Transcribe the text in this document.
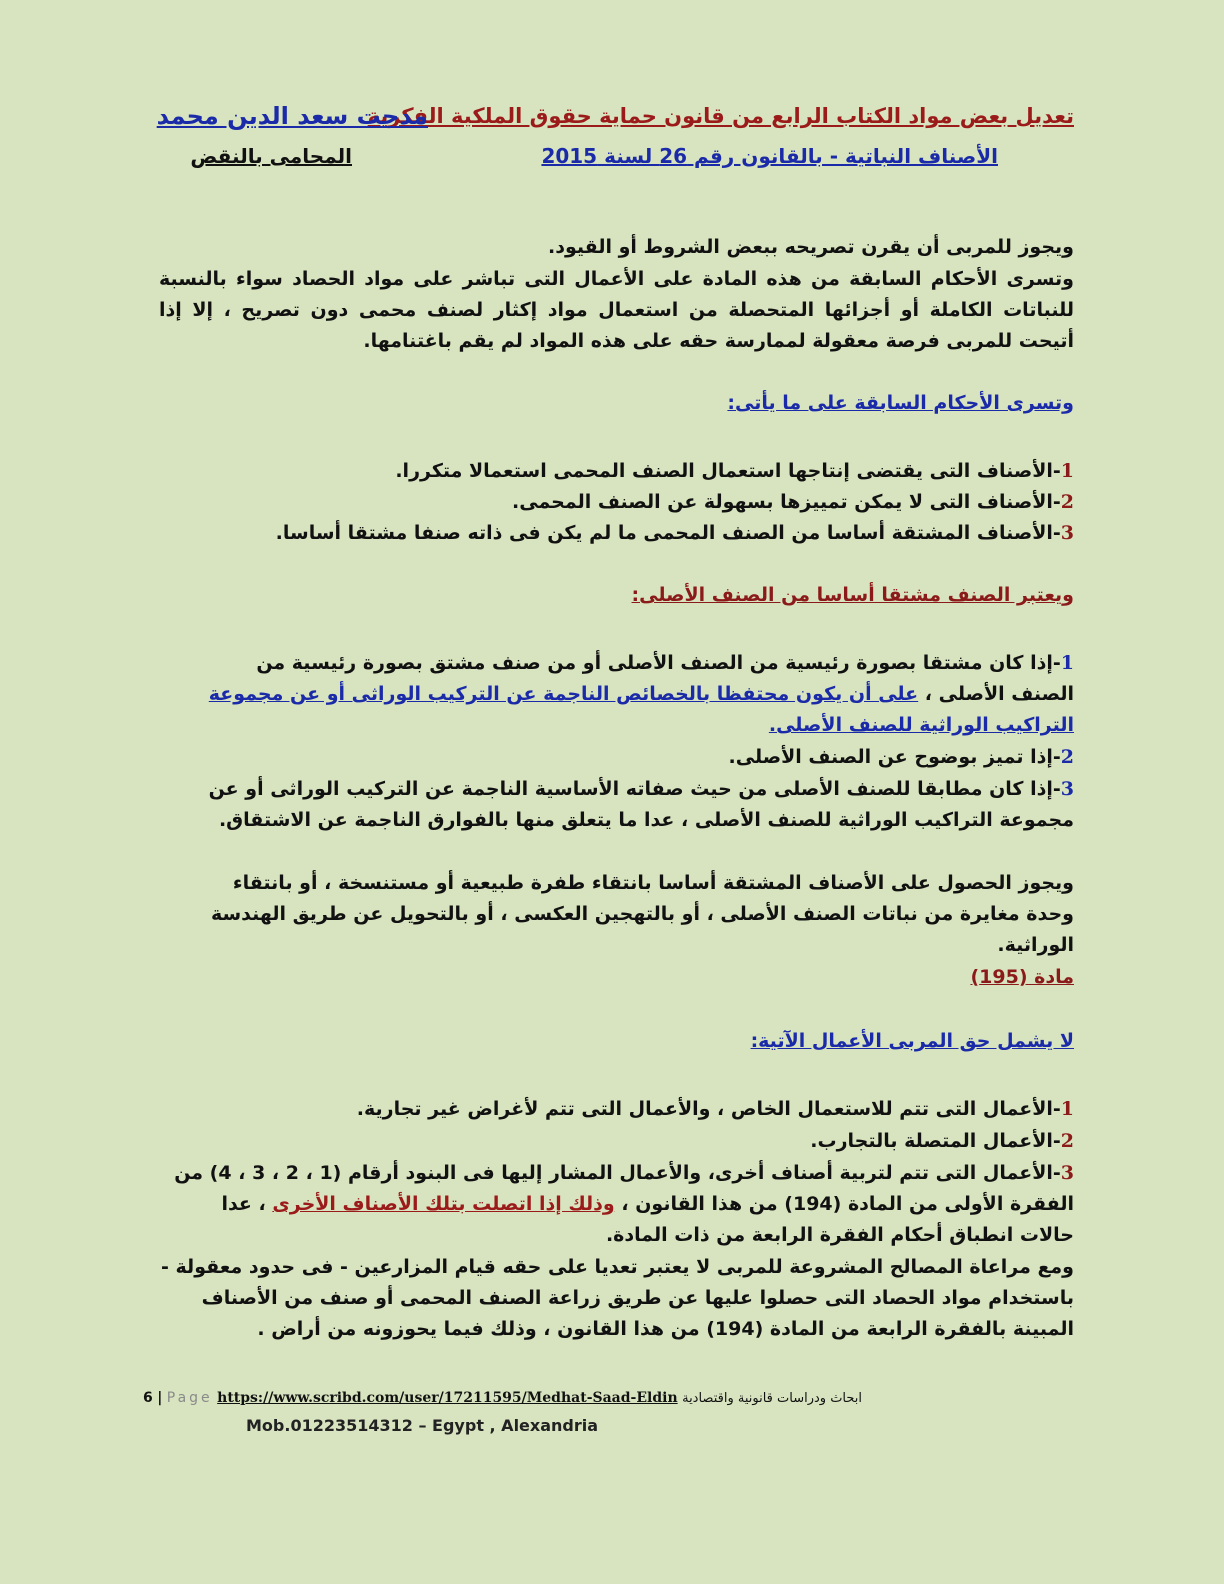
تعديل بعض مواد الكتاب الرابع من قانون حماية حقوق الملكية الفكرية
الأصناف النباتية - بالقانون رقم 26 لسنة 2015
مدحت سعد الدين محمد
المحامى بالنقض
ويجوز للمربى أن يقرن تصريحه ببعض الشروط أو القيود.
وتسرى الأحكام السابقة من هذه المادة على الأعمال التى تباشر على مواد الحصاد سواء بالنسبة للنباتات الكاملة أو أجزائها المتحصلة من استعمال مواد إكثار لصنف محمى دون تصريح ، إلا إذا أتيحت للمربى فرصة معقولة لممارسة حقه على هذه المواد لم يقم باغتنامها.
وتسرى الأحكام السابقة على ما يأتى:
1-الأصناف التى يقتضى إنتاجها استعمال الصنف المحمى استعمالا متكررا.
2-الأصناف التى لا يمكن تمييزها بسهولة عن الصنف المحمى.
3-الأصناف المشتقة أساسا من الصنف المحمى ما لم يكن فى ذاته صنفا مشتقا أساسا.
ويعتبر الصنف مشتقا أساسا من الصنف الأصلى:
1-إذا كان مشتقا بصورة رئيسية من الصنف الأصلى أو من صنف مشتق بصورة رئيسية من الصنف الأصلى ، على أن يكون محتفظا بالخصائص الناجمة عن التركيب الوراثى أو عن مجموعة التراكيب الوراثية للصنف الأصلى.
2-إذا تميز بوضوح عن الصنف الأصلى.
3-إذا كان مطابقا للصنف الأصلى من حيث صفاته الأساسية الناجمة عن التركيب الوراثى أو عن مجموعة التراكيب الوراثية للصنف الأصلى ، عدا ما يتعلق منها بالفوارق الناجمة عن الاشتقاق.
ويجوز الحصول على الأصناف المشتقة أساسا بانتقاء طفرة طبيعية أو مستنسخة ، أو بانتقاء وحدة مغايرة من نباتات الصنف الأصلى ، أو بالتهجين العكسى ، أو بالتحويل عن طريق الهندسة الوراثية.
مادة (195)
لا يشمل حق المربى الأعمال الآتية:
1-الأعمال التى تتم للاستعمال الخاص ، والأعمال التى تتم لأغراض غير تجارية.
2-الأعمال المتصلة بالتجارب.
3-الأعمال التى تتم لتربية أصناف أخرى، والأعمال المشار إليها فى البنود أرقام (1 ، 2 ، 3 ، 4) من الفقرة الأولى من المادة (194) من هذا القانون ، وذلك إذا اتصلت بتلك الأصناف الأخرى ، عدا حالات انطباق أحكام الفقرة الرابعة من ذات المادة.
ومع مراعاة المصالح المشروعة للمربى لا يعتبر تعديا على حقه قيام المزارعين - فى حدود معقولة - باستخدام مواد الحصاد التى حصلوا عليها عن طريق زراعة الصنف المحمى أو صنف من الأصناف المبينة بالفقرة الرابعة من المادة (194) من هذا القانون ، وذلك فيما يحوزونه من أراض .
6 | Page https://www.scribd.com/user/17211595/Medhat-Saad-Eldin ابحاث ودراسات قانونية واقتصادية
Mob.01223514312 – Egypt , Alexandria
